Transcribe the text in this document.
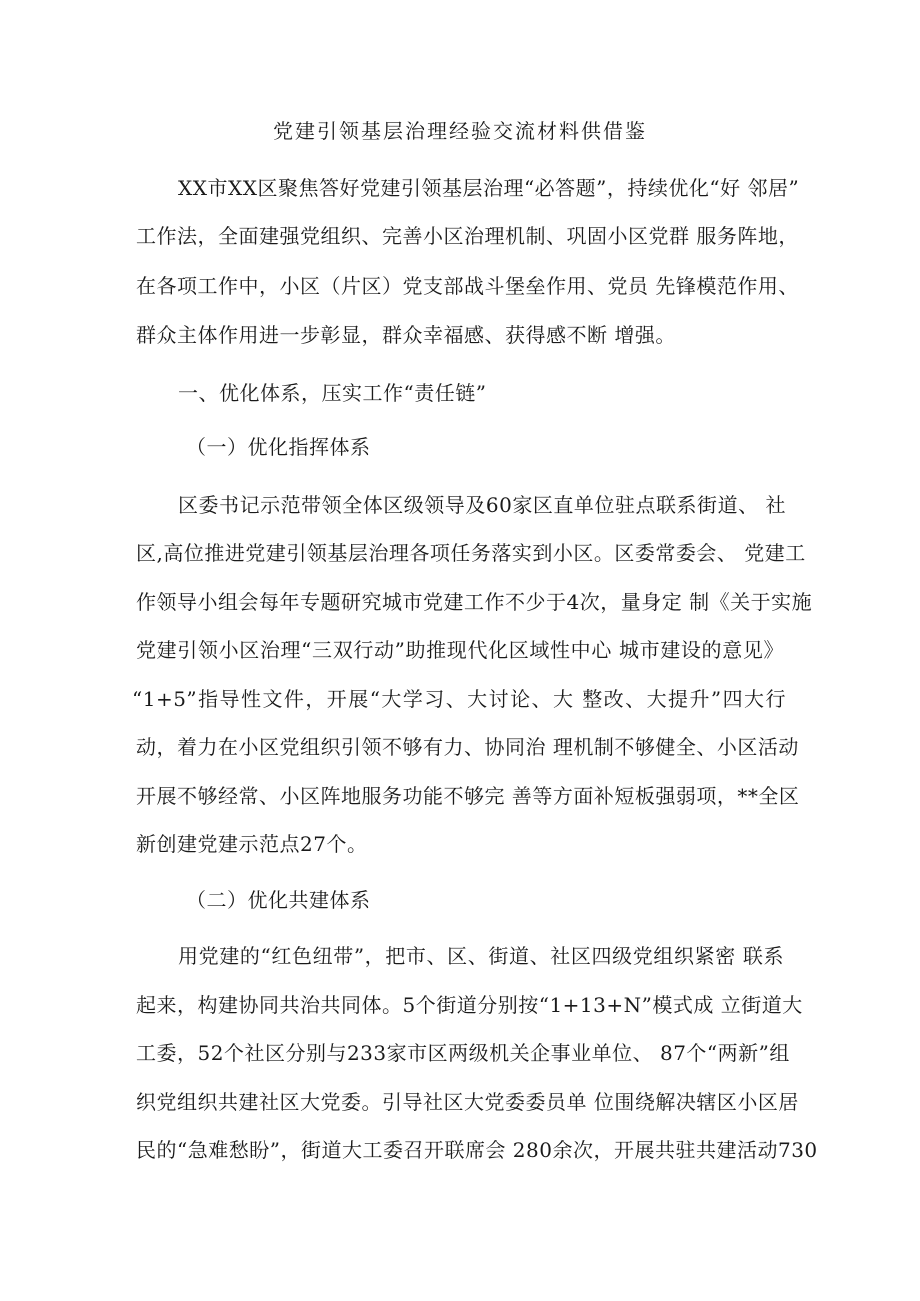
党建引领基层治理经验交流材料供借鉴
XX市XX区聚焦答好党建引领基层治理“必答题”，持续优化“好 邻居”
工作法，全面建强党组织、完善小区治理机制、巩固小区党群 服务阵地，
在各项工作中，小区（片区）党支部战斗堡垒作用、党员 先锋模范作用、
群众主体作用进一步彰显，群众幸福感、获得感不断 增强。
一、优化体系，压实工作“责任链”
（一）优化指挥体系
区委书记示范带领全体区级领导及60家区直单位驻点联系街道、 社
区,高位推进党建引领基层治理各项任务落实到小区。区委常委会、 党建工
作领导小组会每年专题研究城市党建工作不少于4次，量身定 制《关于实施
党建引领小区治理“三双行动”助推现代化区域性中心 城市建设的意见》
“1+5”指导性文件，开展“大学习、大讨论、大 整改、大提升”四大行
动，着力在小区党组织引领不够有力、协同治 理机制不够健全、小区活动
开展不够经常、小区阵地服务功能不够完 善等方面补短板强弱项，**全区
新创建党建示范点27个。
（二）优化共建体系
用党建的“红色纽带”，把市、区、街道、社区四级党组织紧密 联系
起来，构建协同共治共同体。5个街道分别按“1+13+N”模式成 立街道大
工委，52个社区分别与233家市区两级机关企事业单位、 87个“两新”组
织党组织共建社区大党委。引导社区大党委委员单 位围绕解决辖区小区居
民的“急难愁盼”，街道大工委召开联席会 280余次，开展共驻共建活动730
